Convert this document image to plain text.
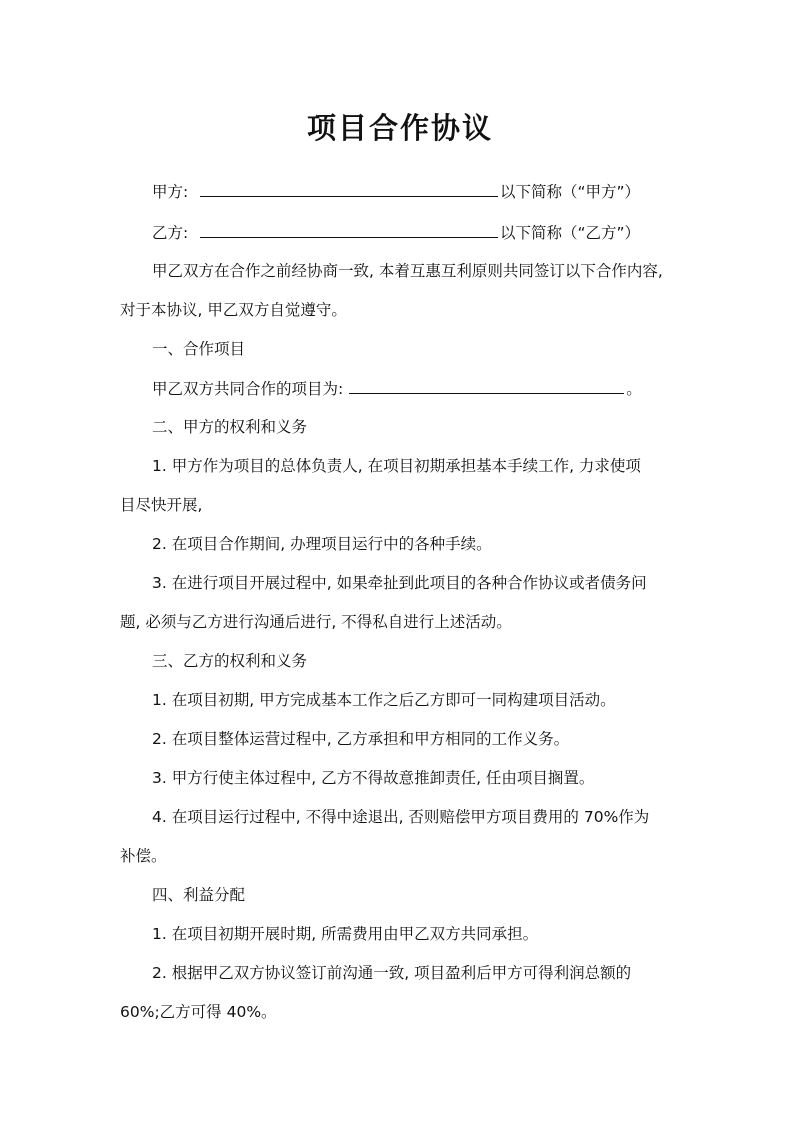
项目合作协议
甲方:	以下简称（“甲方”）
乙方:	以下简称（“乙方”）
甲乙双方在合作之前经协商一致, 本着互惠互利原则共同签订以下合作内容,
对于本协议, 甲乙双方自觉遵守。
一、合作项目
甲乙双方共同合作的项目为:	。
二、甲方的权利和义务
1. 甲方作为项目的总体负责人, 在项目初期承担基本手续工作, 力求使项
目尽快开展,
2. 在项目合作期间, 办理项目运行中的各种手续。
3. 在进行项目开展过程中, 如果牵扯到此项目的各种合作协议或者债务问
题, 必须与乙方进行沟通后进行, 不得私自进行上述活动。
三、乙方的权利和义务
1. 在项目初期, 甲方完成基本工作之后乙方即可一同构建项目活动。
2. 在项目整体运营过程中, 乙方承担和甲方相同的工作义务。
3. 甲方行使主体过程中, 乙方不得故意推卸责任, 任由项目搁置。
4. 在项目运行过程中, 不得中途退出, 否则赔偿甲方项目费用的 70%作为
补偿。
四、利益分配
1. 在项目初期开展时期, 所需费用由甲乙双方共同承担。
2. 根据甲乙双方协议签订前沟通一致, 项目盈利后甲方可得利润总额的
60%;乙方可得 40%。
